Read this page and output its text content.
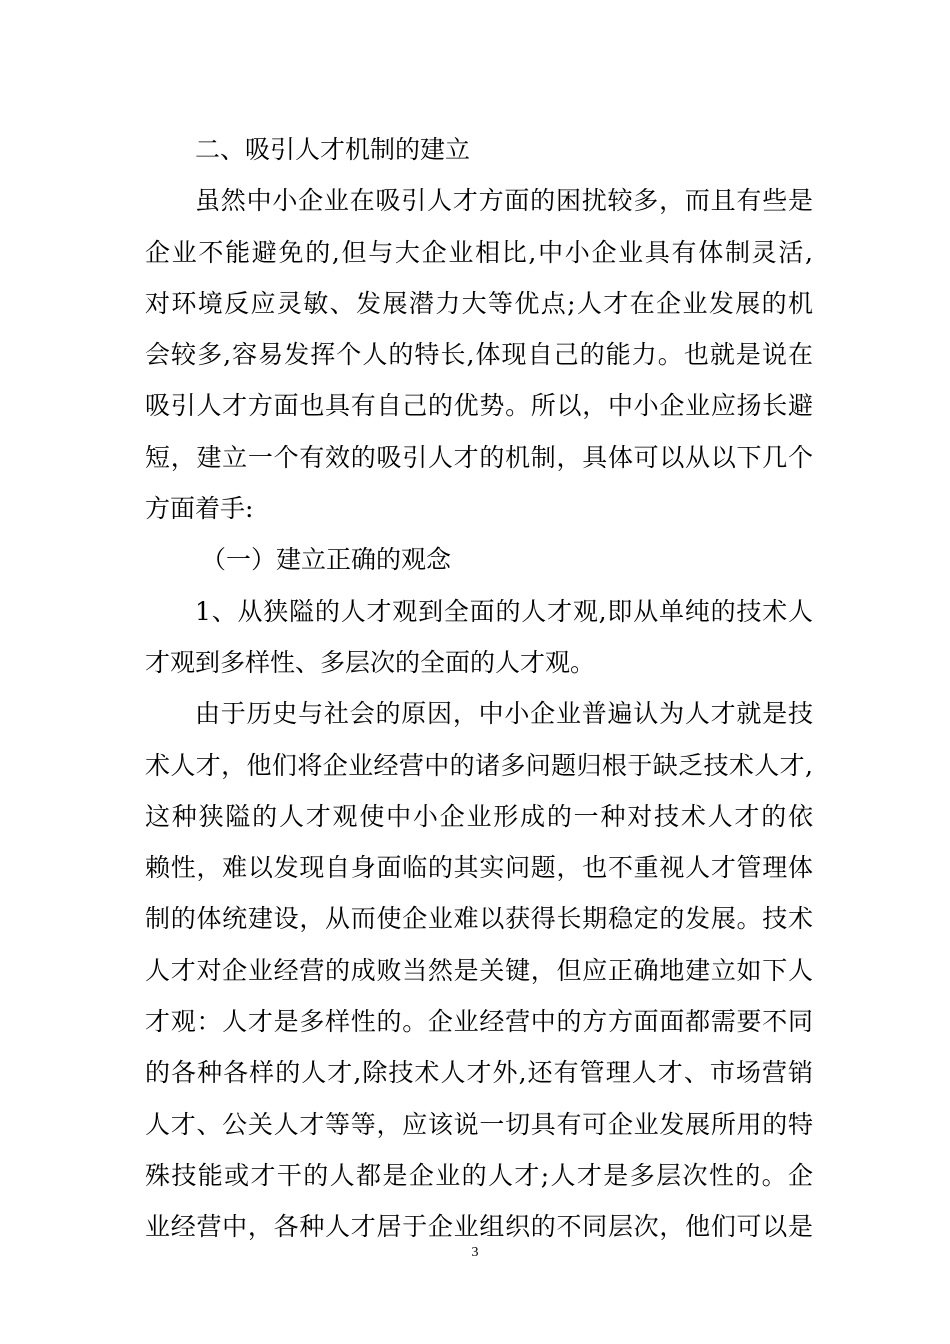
二、吸引人才机制的建立
虽然中小企业在吸引人才方面的困扰较多，而且有些是
企业不能避免的,但与大企业相比,中小企业具有体制灵活,
对环境反应灵敏、发展潜力大等优点;人才在企业发展的机
会较多,容易发挥个人的特长,体现自己的能力。也就是说在
吸引人才方面也具有自己的优势。所以，中小企业应扬长避
短，建立一个有效的吸引人才的机制，具体可以从以下几个
方面着手:
（一）建立正确的观念
1、从狭隘的人才观到全面的人才观,即从单纯的技术人
才观到多样性、多层次的全面的人才观。
由于历史与社会的原因，中小企业普遍认为人才就是技
术人才，他们将企业经营中的诸多问题归根于缺乏技术人才,
这种狭隘的人才观使中小企业形成的一种对技术人才的依
赖性，难以发现自身面临的其实问题，也不重视人才管理体
制的体统建设，从而使企业难以获得长期稳定的发展。技术
人才对企业经营的成败当然是关键，但应正确地建立如下人
才观：人才是多样性的。企业经营中的方方面面都需要不同
的各种各样的人才,除技术人才外,还有管理人才、市场营销
人才、公关人才等等，应该说一切具有可企业发展所用的特
殊技能或才干的人都是企业的人才;人才是多层次性的。企
业经营中，各种人才居于企业组织的不同层次，他们可以是
3
